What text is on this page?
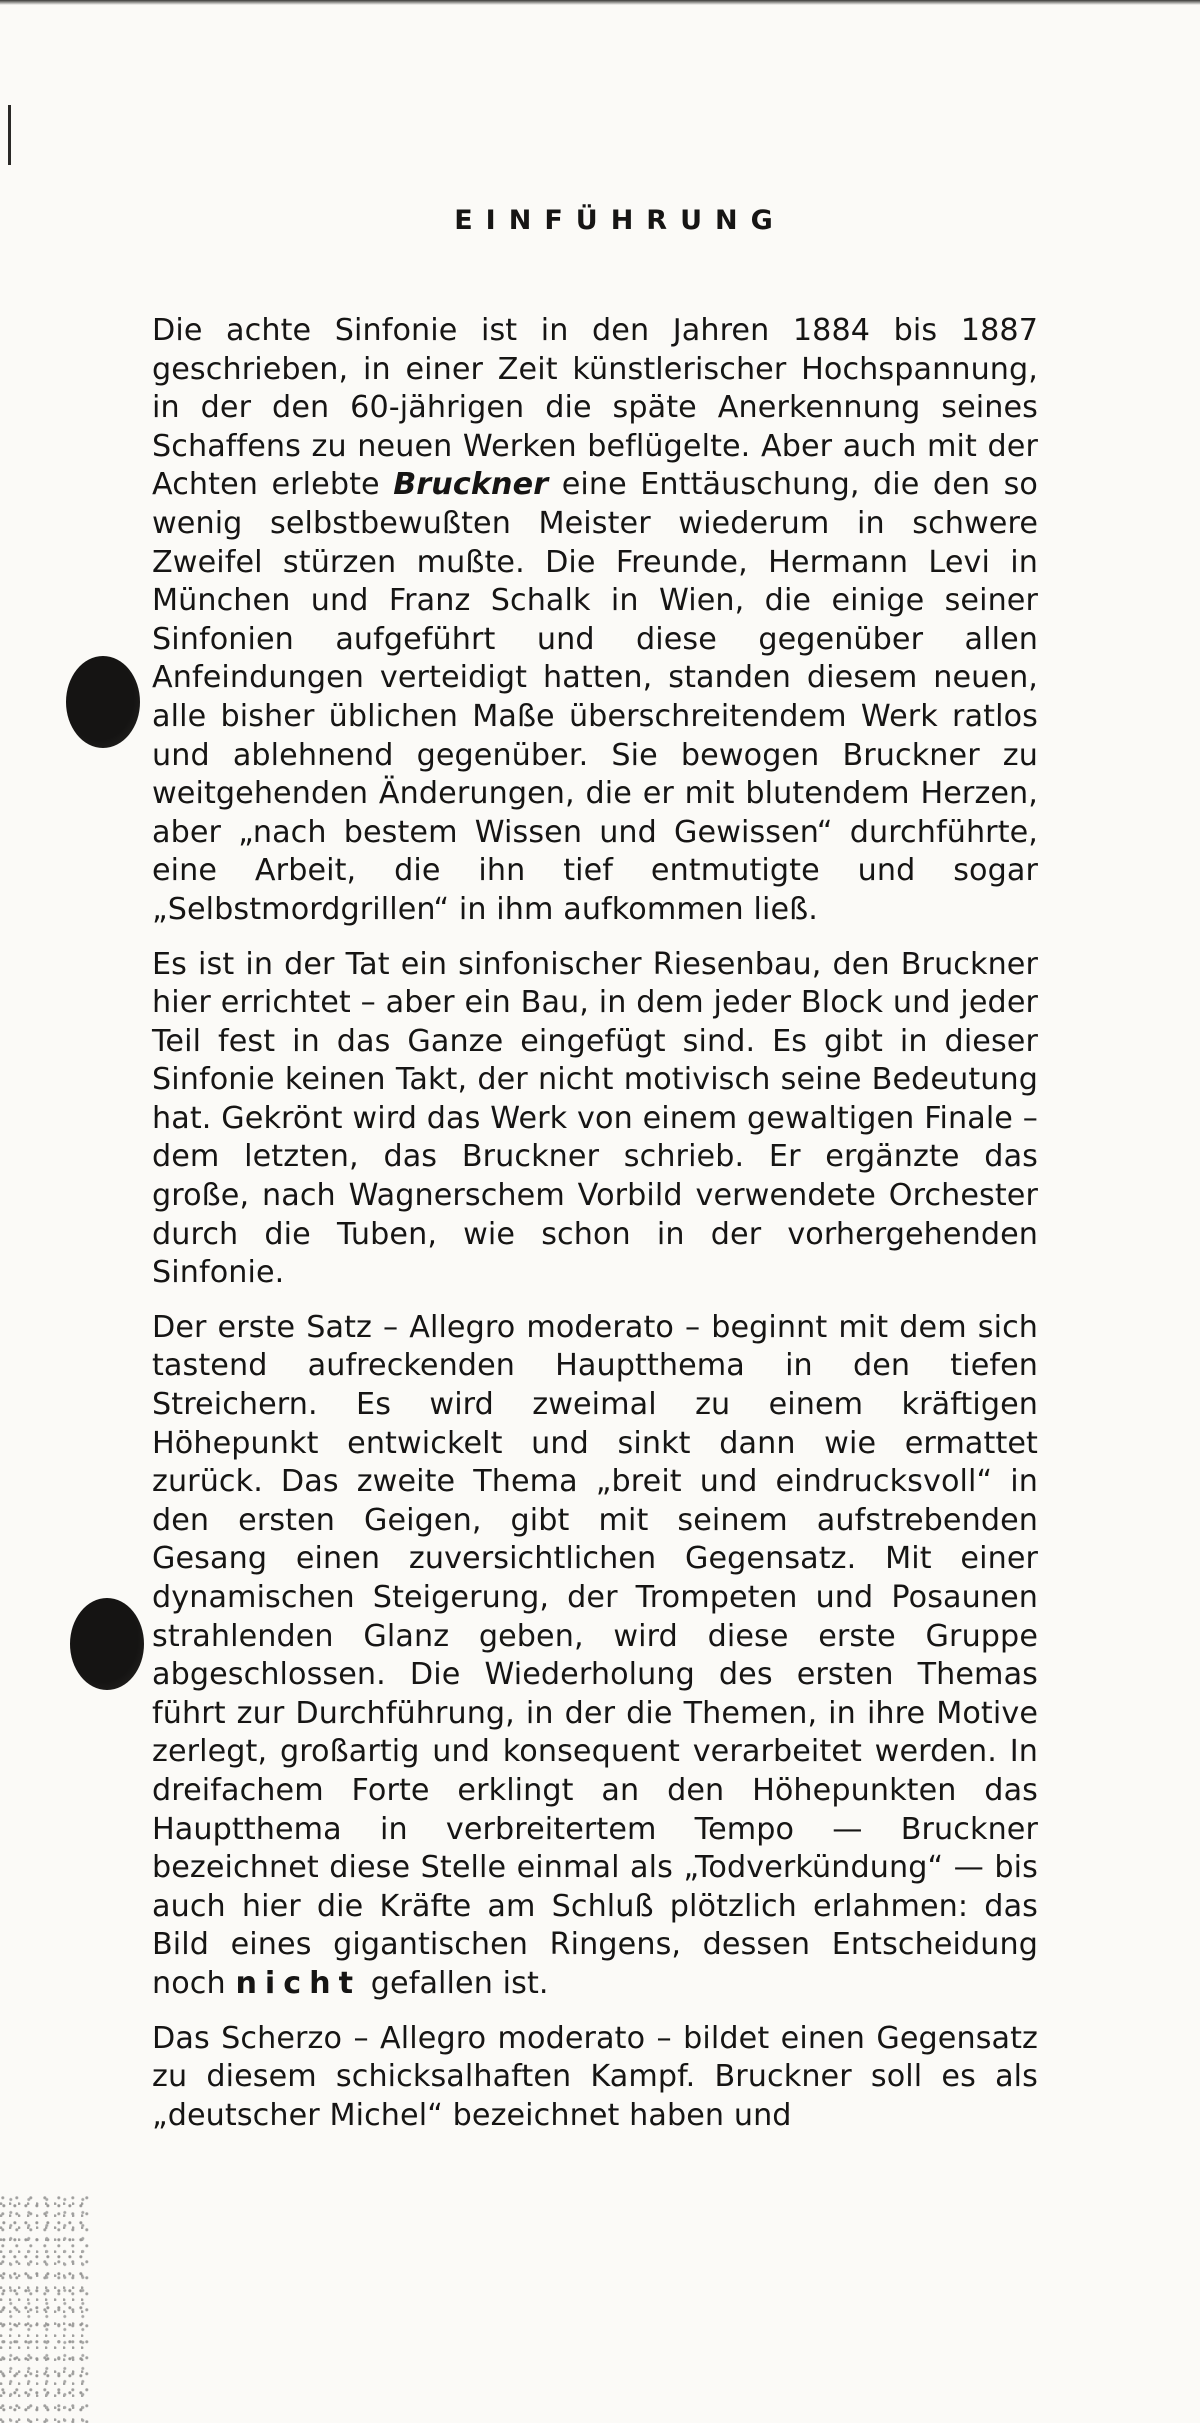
EINFÜHRUNG

Die achte Sinfonie ist in den Jahren 1884 bis 1887 geschrieben, in einer Zeit künstlerischer Hochspannung, in der den 60-jährigen die späte Anerkennung seines Schaffens zu neuen Werken beflügelte. Aber auch mit der Achten erlebte Bruckner eine Enttäuschung, die den so wenig selbstbewußten Meister wiederum in schwere Zweifel stürzen mußte. Die Freunde, Hermann Levi in München und Franz Schalk in Wien, die einige seiner Sinfonien aufgeführt und diese gegenüber allen Anfeindungen verteidigt hatten, standen diesem neuen, alle bisher üblichen Maße überschreitendem Werk ratlos und ablehnend gegenüber. Sie bewogen Bruckner zu weitgehenden Änderungen, die er mit blutendem Herzen, aber „nach bestem Wissen und Gewissen“ durchführte, eine Arbeit, die ihn tief entmutigte und sogar „Selbstmordgrillen“ in ihm aufkommen ließ.

Es ist in der Tat ein sinfonischer Riesenbau, den Bruckner hier errichtet – aber ein Bau, in dem jeder Block und jeder Teil fest in das Ganze eingefügt sind. Es gibt in dieser Sinfonie keinen Takt, der nicht motivisch seine Bedeutung hat. Gekrönt wird das Werk von einem gewaltigen Finale – dem letzten, das Bruckner schrieb. Er ergänzte das große, nach Wagnerschem Vorbild verwendete Orchester durch die Tuben, wie schon in der vorhergehenden Sinfonie.

Der erste Satz – Allegro moderato – beginnt mit dem sich tastend aufreckenden Hauptthema in den tiefen Streichern. Es wird zweimal zu einem kräftigen Höhepunkt entwickelt und sinkt dann wie ermattet zurück. Das zweite Thema „breit und eindrucksvoll“ in den ersten Geigen, gibt mit seinem aufstrebenden Gesang einen zuversichtlichen Gegensatz. Mit einer dynamischen Steigerung, der Trompeten und Posaunen strahlenden Glanz geben, wird diese erste Gruppe abgeschlossen. Die Wiederholung des ersten Themas führt zur Durchführung, in der die Themen, in ihre Motive zerlegt, großartig und konsequent verarbeitet werden. In dreifachem Forte erklingt an den Höhepunkten das Hauptthema in verbreitertem Tempo — Bruckner bezeichnet diese Stelle einmal als „Todverkündung“ — bis auch hier die Kräfte am Schluß plötzlich erlahmen: das Bild eines gigantischen Ringens, dessen Entscheidung noch nicht gefallen ist.

Das Scherzo – Allegro moderato – bildet einen Gegensatz zu diesem schicksalhaften Kampf. Bruckner soll es als „deutscher Michel“ bezeichnet haben und
